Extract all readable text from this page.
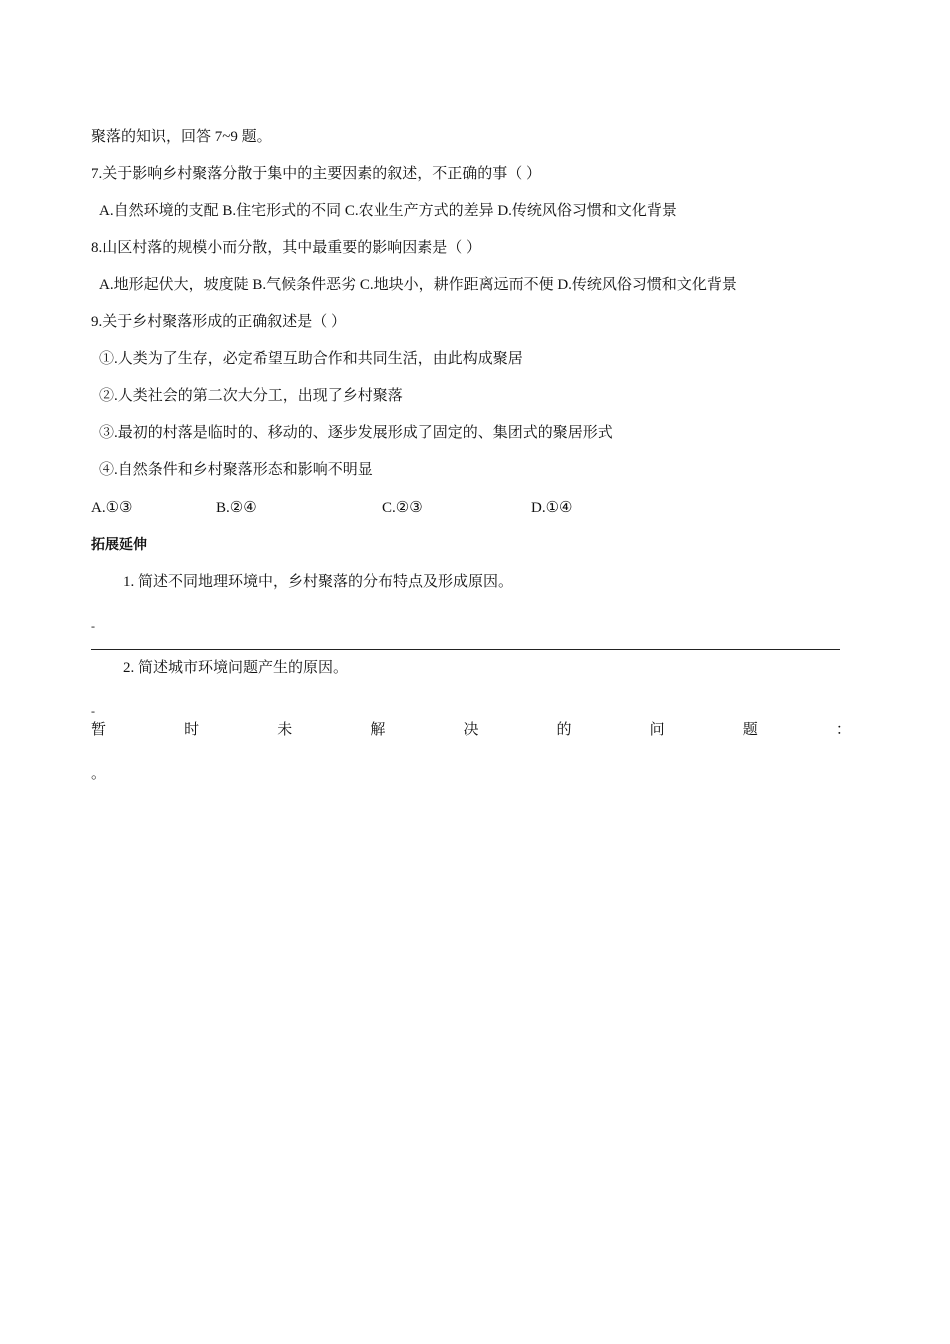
聚落的知识，回答 7~9 题。
7.关于影响乡村聚落分散于集中的主要因素的叙述，不正确的事（ ）
A.自然环境的支配 B.住宅形式的不同 C.农业生产方式的差异 D.传统风俗习惯和文化背景
8.山区村落的规模小而分散，其中最重要的影响因素是（ ）
A.地形起伏大，坡度陡 B.气候条件恶劣 C.地块小，耕作距离远而不便 D.传统风俗习惯和文化背景
9.关于乡村聚落形成的正确叙述是（ ）
①.人类为了生存，必定希望互助合作和共同生活，由此构成聚居
②.人类社会的第二次大分工，出现了乡村聚落
③.最初的村落是临时的、移动的、逐步发展形成了固定的、集团式的聚居形式
④.自然条件和乡村聚落形态和影响不明显
A.①③	B.②④	C.②③	D.①④
拓展延伸
1. 简述不同地理环境中，乡村聚落的分布特点及形成原因。
-
2. 简述城市环境问题产生的原因。
-
暂	时	未	解	决	的	问	题	：
。
